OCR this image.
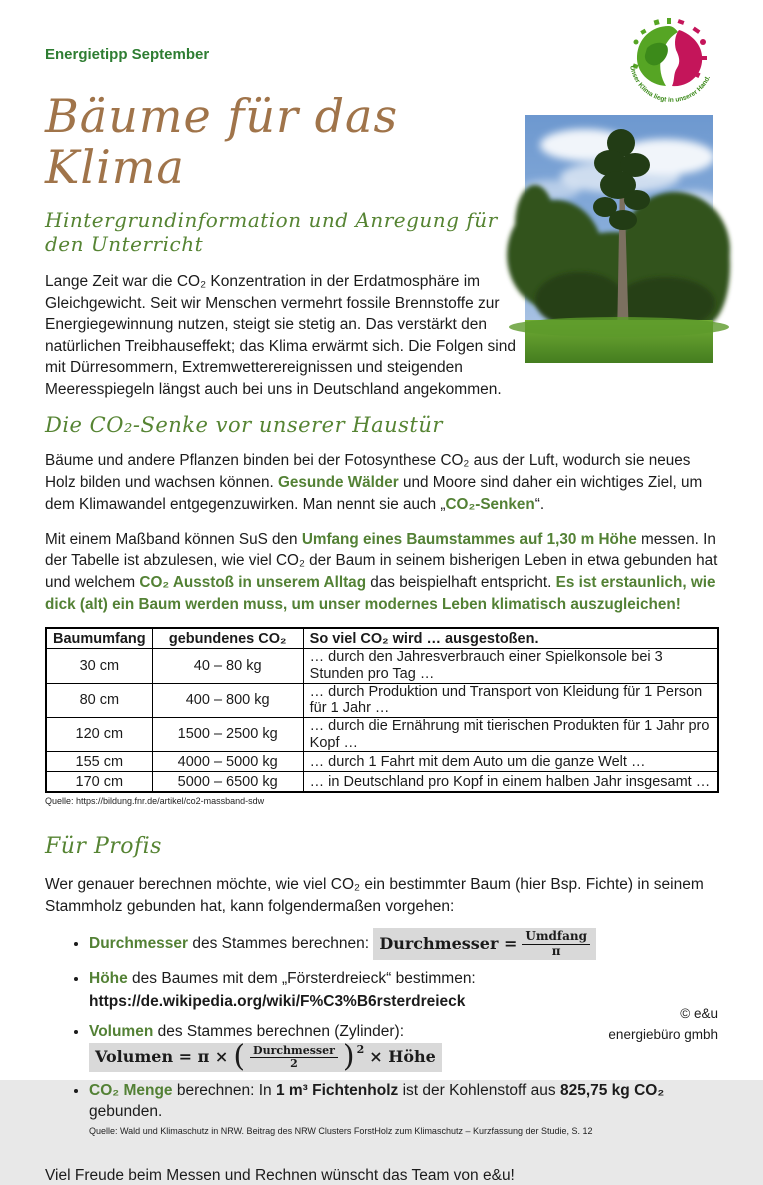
Energietipp September

Unser Klima liegt in unserer Hand.
Bäume für das Klima
Hintergrundinformation und Anregung für den Unterricht

Lange Zeit war die CO₂ Konzentration in der Erdatmosphäre im Gleichgewicht. Seit wir Menschen vermehrt fossile Brennstoffe zur Energiegewinnung nutzen, steigt sie stetig an. Das verstärkt den natürlichen Treibhauseffekt; das Klima erwärmt sich. Die Folgen sind mit Dürresommern, Extremwetterereignissen und steigenden Meeresspiegeln längst auch bei uns in Deutschland angekommen.

Die CO₂-Senke vor unserer Haustür

Bäume und andere Pflanzen binden bei der Fotosynthese CO₂ aus der Luft, wodurch sie neues Holz bilden und wachsen können. Gesunde Wälder und Moore sind daher ein wichtiges Ziel, um dem Klimawandel entgegenzuwirken. Man nennt sie auch „CO₂-Senken“.

Mit einem Maßband können SuS den Umfang eines Baumstammes auf 1,30 m Höhe messen. In der Tabelle ist abzulesen, wie viel CO₂ der Baum in seinem bisherigen Leben in etwa gebunden hat und welchem CO₂ Ausstoß in unserem Alltag das beispielhaft entspricht. Es ist erstaunlich, wie dick (alt) ein Baum werden muss, um unser modernes Leben klimatisch auszugleichen!

Baumumfang	gebundenes CO₂	So viel CO₂ wird … ausgestoßen.
30 cm	40 – 80 kg	… durch den Jahresverbrauch einer Spielkonsole bei 3 Stunden pro Tag …
80 cm	400 – 800 kg	… durch Produktion und Transport von Kleidung für 1 Person für 1 Jahr …
120 cm	1500 – 2500 kg	… durch die Ernährung mit tierischen Produkten für 1 Jahr pro Kopf …
155 cm	4000 – 5000 kg	… durch 1 Fahrt mit dem Auto um die ganze Welt …
170 cm	5000 – 6500 kg	… in Deutschland pro Kopf in einem halben Jahr insgesamt …

Quelle: https://bildung.fnr.de/artikel/co2-massband-sdw

Für Profis

Wer genauer berechnen möchte, wie viel CO₂ ein bestimmter Baum (hier Bsp. Fichte) in seinem Stammholz gebunden hat, kann folgendermaßen vorgehen:

• Durchmesser des Stammes berechnen: Durchmesser = $\frac{\text{Umdfang}}{\pi}$
• Höhe des Baumes mit dem „Försterdreieck“ bestimmen:
https://de.wikipedia.org/wiki/F%C3%B6rsterdreieck
• Volumen des Stammes berechnen (Zylinder):
Volumen = π × ( $\frac{\text{Durchmesser}}{2}$ ) 2 × Höhe
• CO₂ Menge berechnen: In 1 m³ Fichtenholz ist der Kohlenstoff aus 825,75 kg CO₂ gebunden.
Quelle: Wald und Klimaschutz in NRW. Beitrag des NRW Clusters ForstHolz zum Klimaschutz – Kurzfassung der Studie, S. 12

Viel Freude beim Messen und Rechnen wünscht das Team von e&u!

© e&u
energiebüro gmbh
